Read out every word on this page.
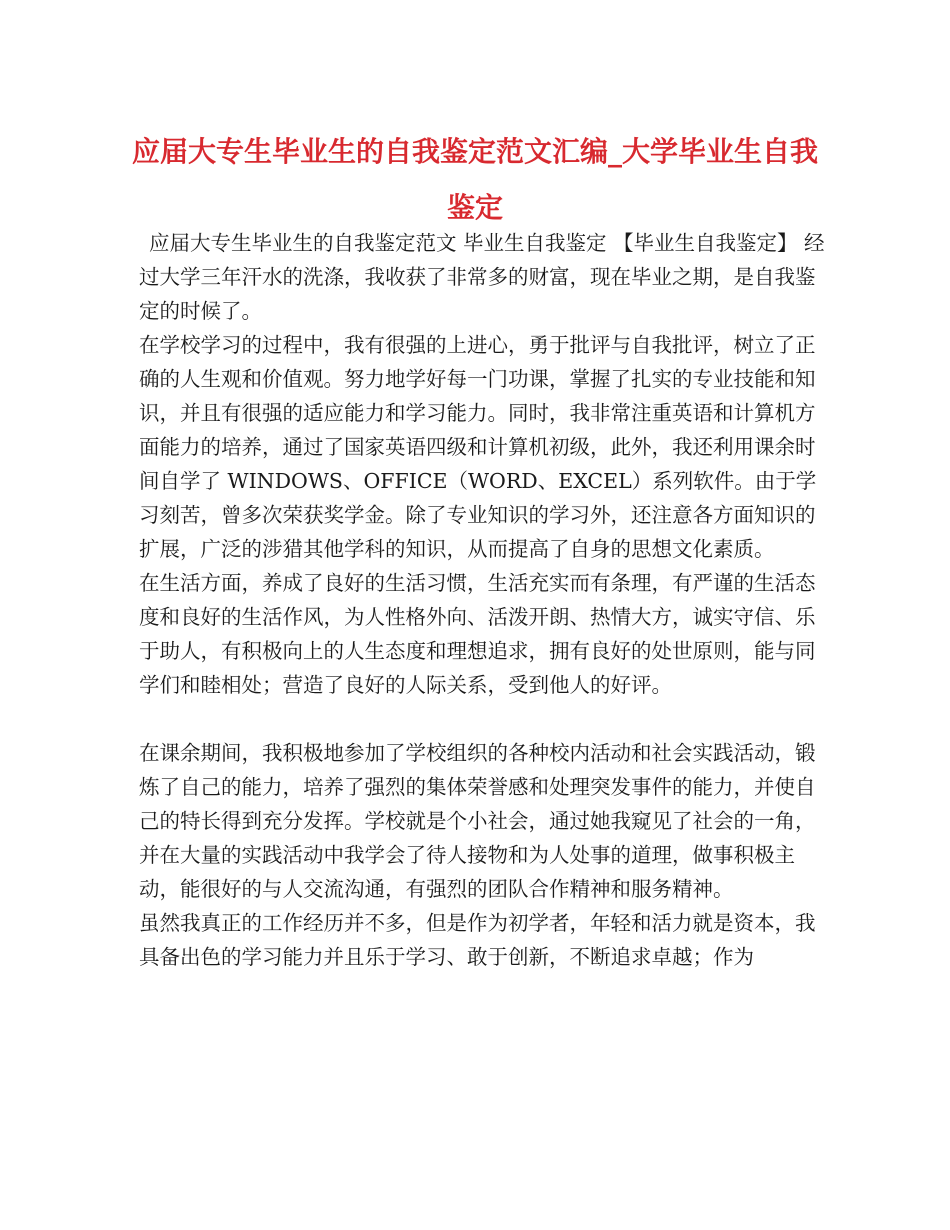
应届大专生毕业生的自我鉴定范文汇编_大学毕业生自我鉴定

应届大专生毕业生的自我鉴定范文 毕业生自我鉴定 【毕业生自我鉴定】 经过大学三年汗水的洗涤，我收获了非常多的财富，现在毕业之期，是自我鉴定的时候了。

在学校学习的过程中，我有很强的上进心，勇于批评与自我批评，树立了正确的人生观和价值观。努力地学好每一门功课，掌握了扎实的专业技能和知识，并且有很强的适应能力和学习能力。同时，我非常注重英语和计算机方面能力的培养，通过了国家英语四级和计算机初级，此外，我还利用课余时间自学了 WINDOWS、OFFICE（WORD、EXCEL）系列软件。由于学习刻苦，曾多次荣获奖学金。除了专业知识的学习外，还注意各方面知识的扩展，广泛的涉猎其他学科的知识，从而提高了自身的思想文化素质。

在生活方面，养成了良好的生活习惯，生活充实而有条理，有严谨的生活态度和良好的生活作风，为人性格外向、活泼开朗、热情大方，诚实守信、乐于助人，有积极向上的人生态度和理想追求，拥有良好的处世原则，能与同学们和睦相处；营造了良好的人际关系，受到他人的好评。

在课余期间，我积极地参加了学校组织的各种校内活动和社会实践活动，锻炼了自己的能力，培养了强烈的集体荣誉感和处理突发事件的能力，并使自己的特长得到充分发挥。学校就是个小社会，通过她我窥见了社会的一角，并在大量的实践活动中我学会了待人接物和为人处事的道理，做事积极主动，能很好的与人交流沟通，有强烈的团队合作精神和服务精神。

虽然我真正的工作经历并不多，但是作为初学者，年轻和活力就是资本，我具备出色的学习能力并且乐于学习、敢于创新，不断追求卓越；作为
